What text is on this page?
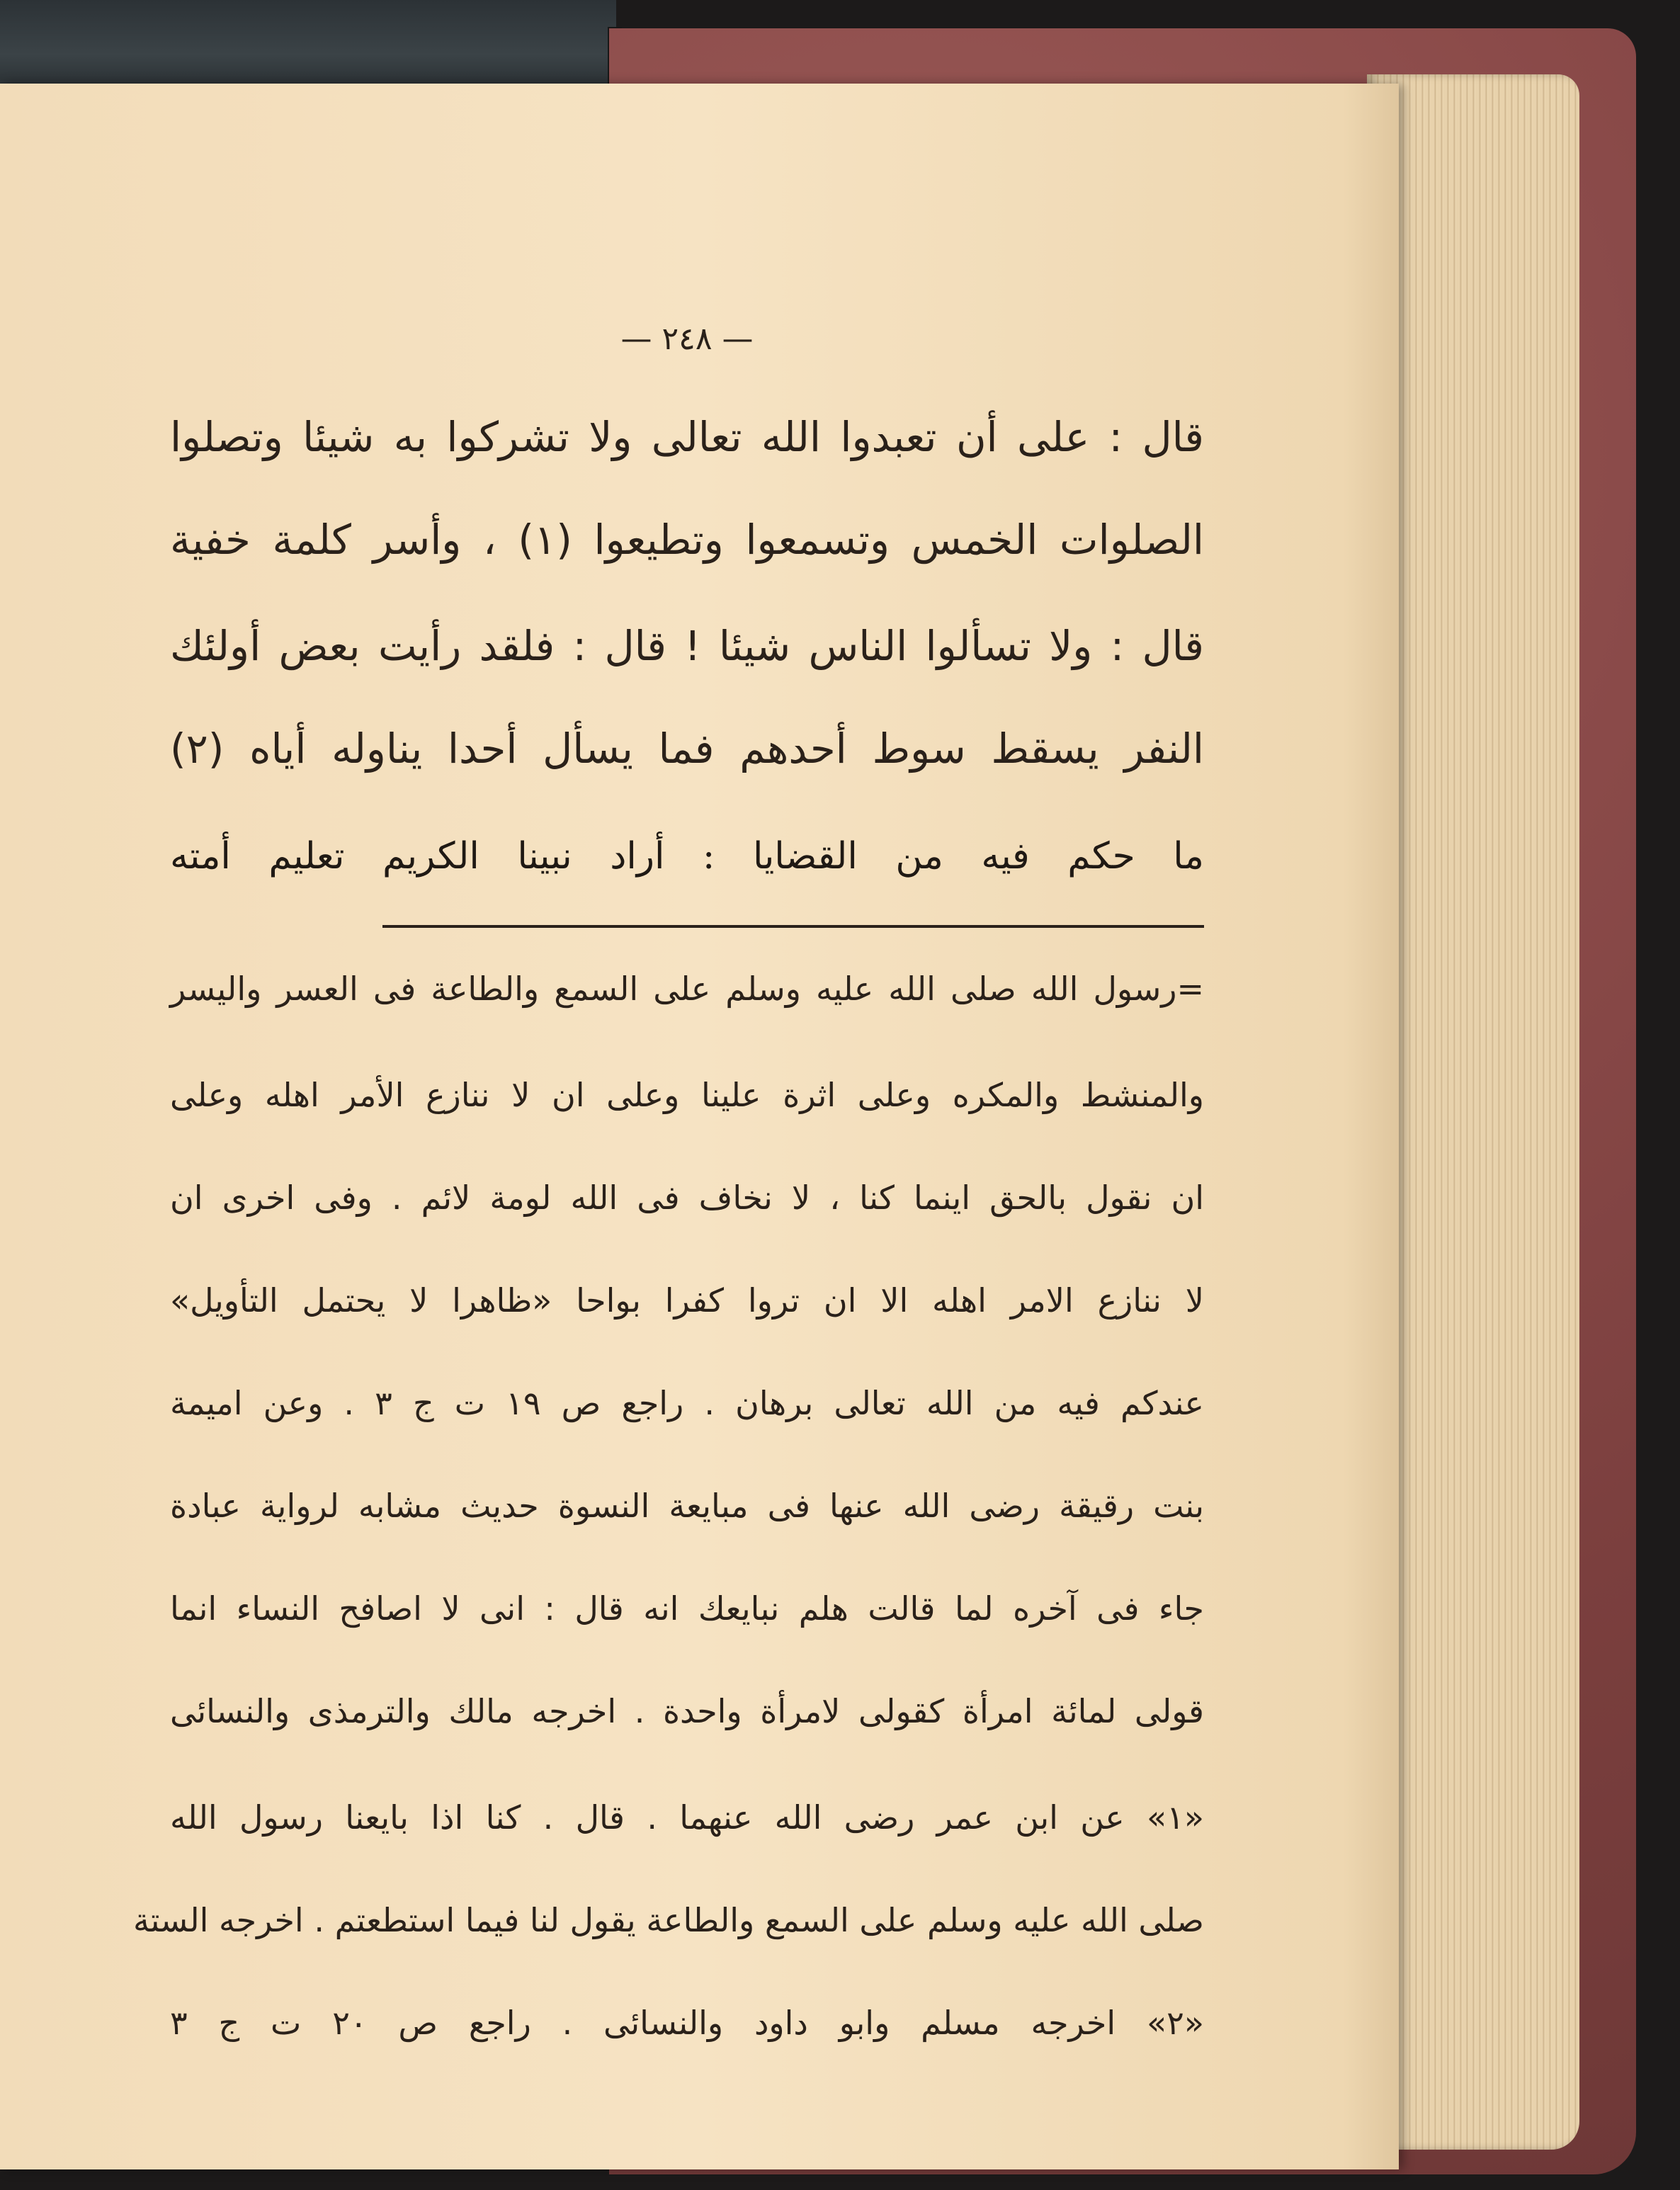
— ٢٤٨ —
قال : على أن تعبدوا الله تعالى ولا تشركوا به شيئا وتصلوا
الصلوات الخمس وتسمعوا وتطيعوا (١) ، وأسر كلمة خفية
قال : ولا تسألوا الناس شيئا ! قال : فلقد رأيت بعض أولئك
النفر يسقط سوط أحدهم فما يسأل أحدا يناوله أياه (٢)
ما حكم فيه من القضايا : أراد نبينا الكريم تعليم أمته
=رسول الله صلى الله عليه وسلم على السمع والطاعة فى العسر واليسر
والمنشط والمكره وعلى اثرة علينا وعلى ان لا ننازع الأمر اهله وعلى
ان نقول بالحق اينما كنا ، لا نخاف فى الله لومة لائم . وفى اخرى ان
لا ننازع الامر اهله الا ان تروا كفرا بواحا «ظاهرا لا يحتمل التأويل»
عندكم فيه من الله تعالى برهان . راجع ص ١٩ ت ج ٣ . وعن اميمة
بنت رقيقة رضى الله عنها فى مبايعة النسوة حديث مشابه لرواية عبادة
جاء فى آخره لما قالت هلم نبايعك انه قال : انى لا اصافح النساء انما
قولى لمائة امرأة كقولى لامرأة واحدة . اخرجه مالك والترمذى والنسائى
«١» عن ابن عمر رضى الله عنهما . قال . كنا اذا بايعنا رسول الله
صلى الله عليه وسلم على السمع والطاعة يقول لنا فيما استطعتم . اخرجه الستة
«٢» اخرجه مسلم وابو داود والنسائى . راجع ص ٢٠ ت ج ٣
